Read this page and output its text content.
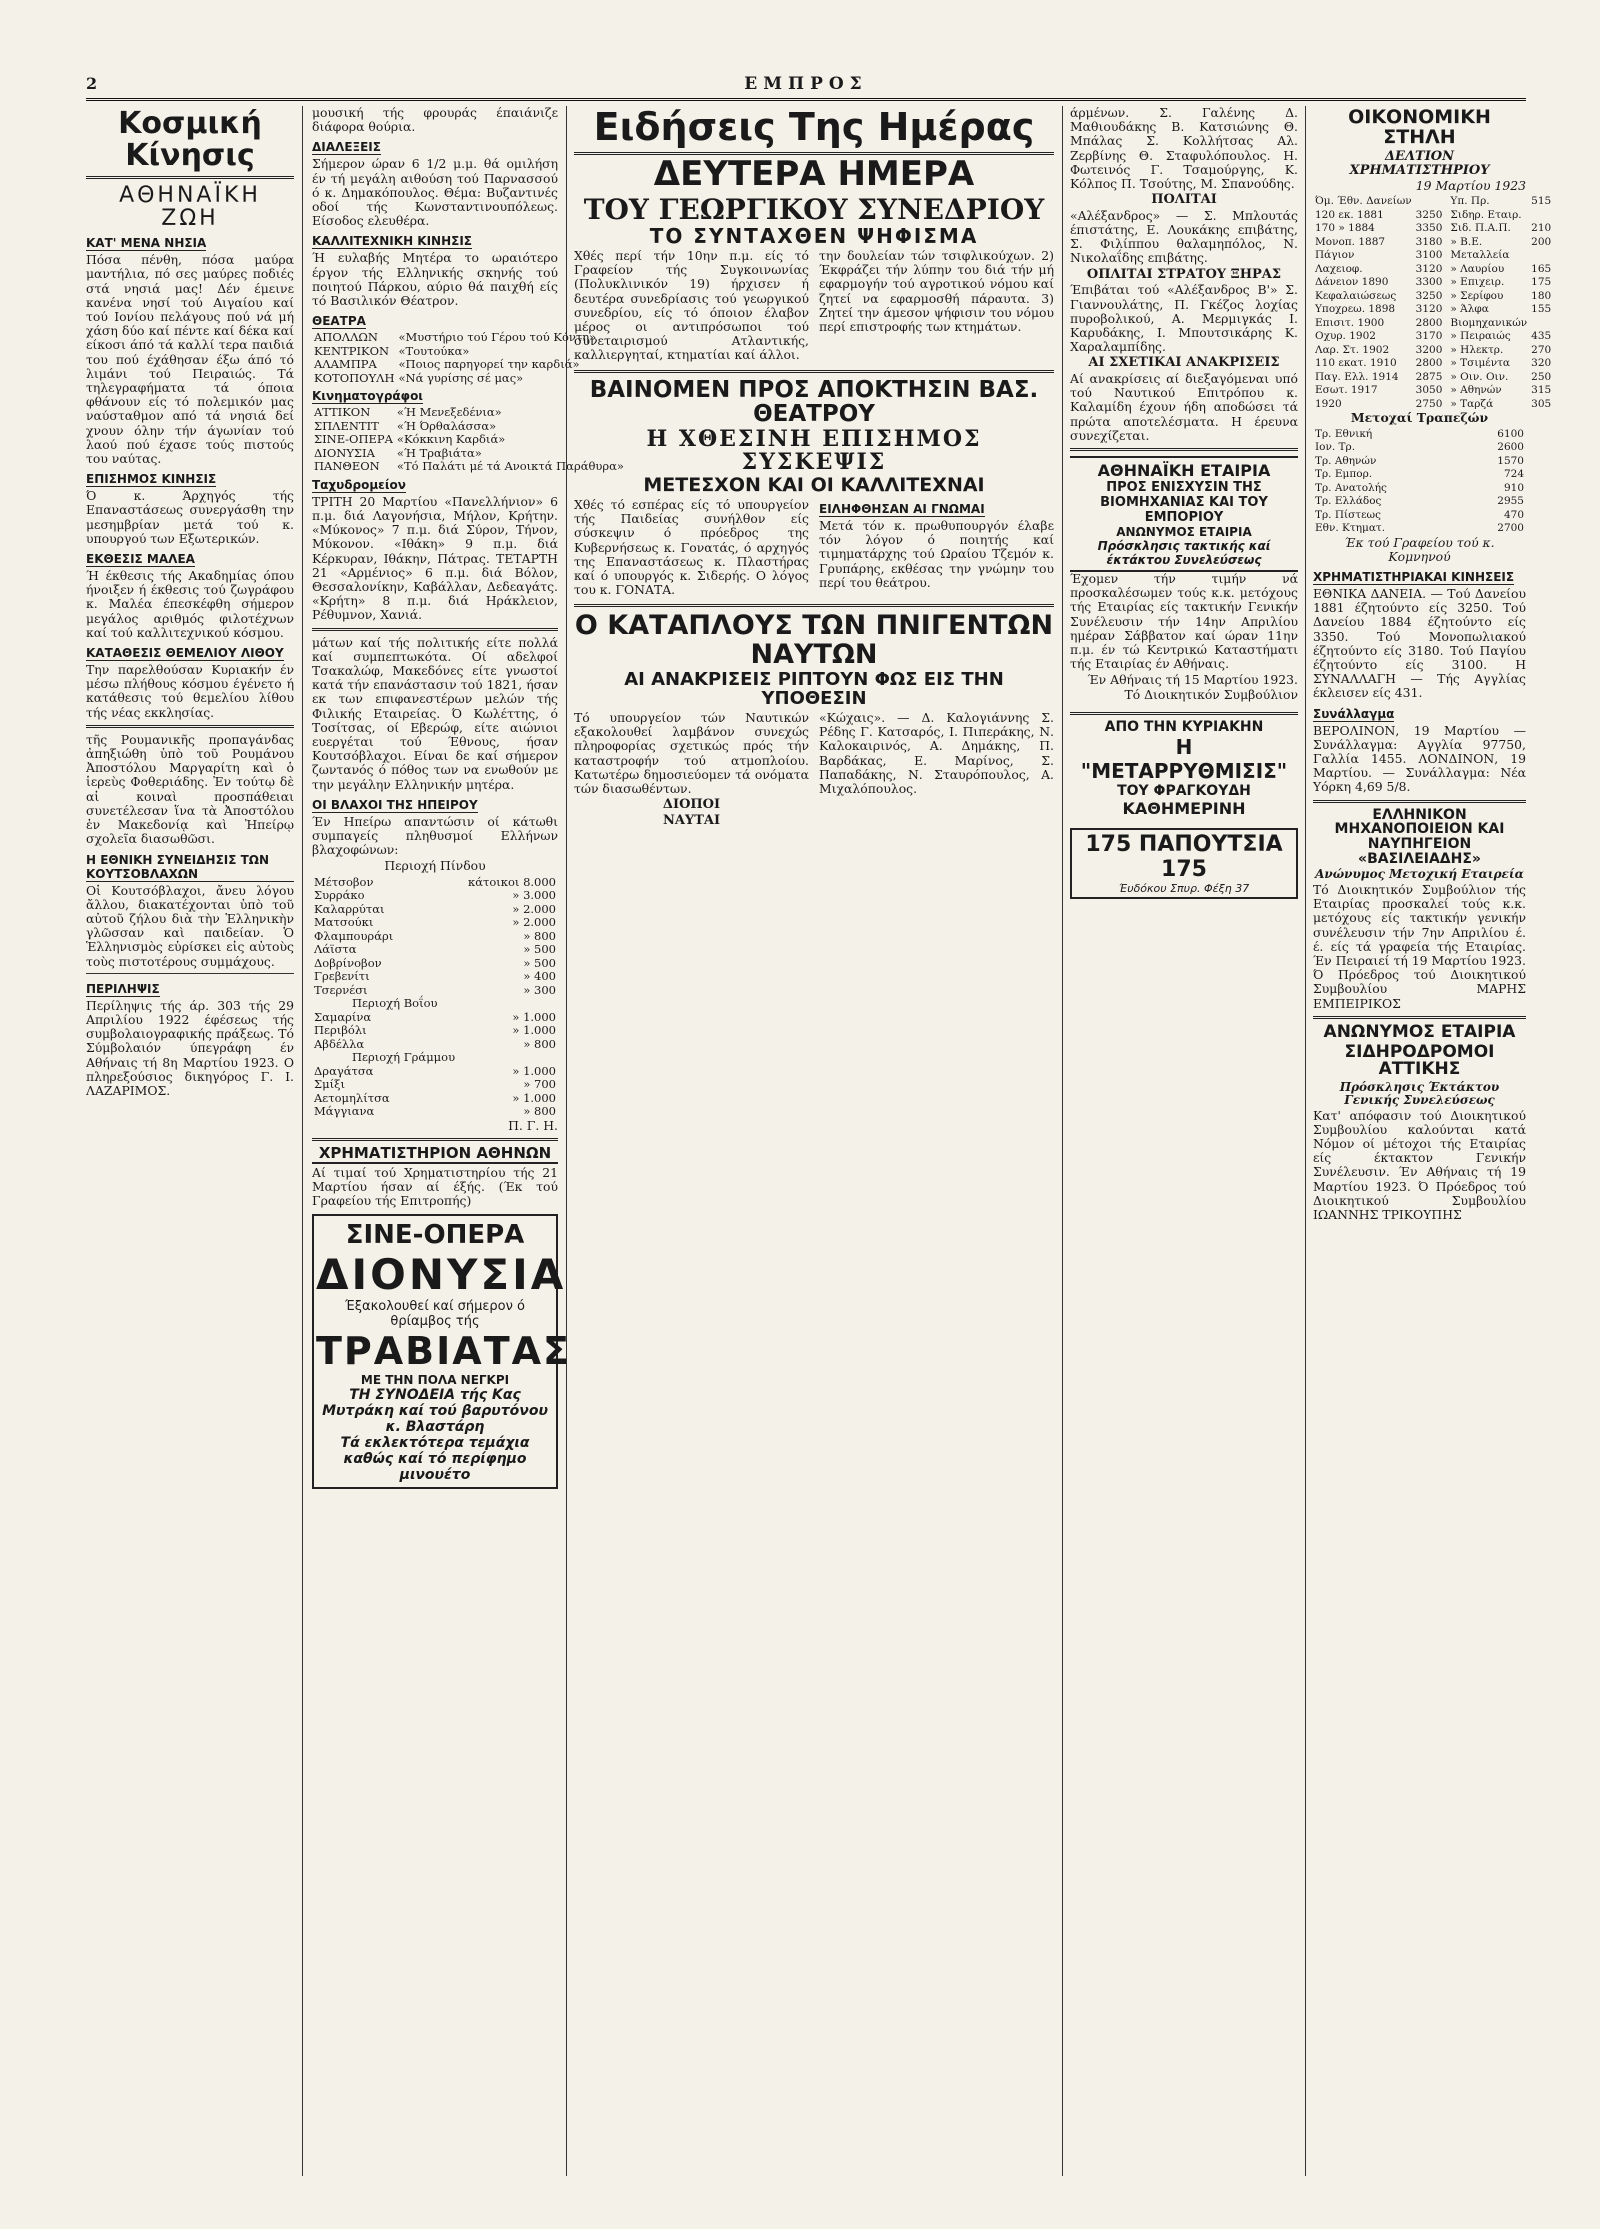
2	ΕΜΠΡΟΣ
Κοσμική Κίνησις
ΑΘΗΝΑΪΚΗ ΖΩΗ
ΚΑΤ' ΜΕΝΑ ΝΗΣΙΑ

Πόσα πένθη, πόσα μαύρα μαντήλια, πό σες μαύρες ποδιές στά νησιά μας! Δέν έμεινε κανένα νησί τού Αιγαίου καί τού Ιονίου πελάγους πού νά μή χάση δύο καί πέντε καί δέκα καί είκοσι άπό τά καλλί τερα παιδιά του πού έχάθησαν έξω άπό τό λιμάνι τού Πειραιώς. Τά τηλεγραφήματα τά όποια φθάνουν είς τό πολεμικόν μας ναύσταθμον από τά νησιά δεί χνουν όλην τήν άγωνίαν τού λαού πού έχασε τούς πιστούς του ναύτας.

ΕΠΙΣΗΜΟΣ ΚΙΝΗΣΙΣ

Ό κ. Άρχηγός τής Επαναστάσεως συνεργάσθη την μεσημβρίαν μετά τού κ. υπουργού των Εξωτερικών.

ΕΚΘΕΣΙΣ ΜΑΛΕΑ

Ή έκθεσις τής Ακαδημίας όπου ήνοιξεν ή έκθεσις τού ζωγράφου κ. Μαλέα έπεσκέφθη σήμερον μεγάλος αριθμός φιλοτέχνων καί τού καλλιτεχνικού κόσμου.

ΚΑΤΑΘΕΣΙΣ ΘΕΜΕΛΙΟΥ ΛΙΘΟΥ

Την παρελθούσαν Κυριακήν έν μέσω πλήθους κόσμου έγένετο ή κατάθεσις τού θεμελίου λίθου τής νέας εκκλησίας.

τῆς Ρουμανικῆς προπαγάνδας ἀπηξιώθη ὑπὸ τοῦ Ρουμάνου Ἀποστόλου Μαργαρίτη καὶ ὁ ἱερεὺς Φοθεριάδης. Ἐν τούτῳ δὲ αἱ κοιναὶ προσπάθειαι συνετέλεσαν ἵνα τὰ Ἀποστόλου ἐν Μακεδονίᾳ καὶ Ἠπείρῳ σχολεῖα διασωθῶσι.

Η ΕΘΝΙΚΗ ΣΥΝΕΙΔΗΣΙΣ ΤΩΝ ΚΟΥΤΣΟΒΛΑΧΩΝ

Οἱ Κουτσόβλαχοι, ἄνευ λόγου ἄλλου, διακατέχονται ὑπὸ τοῦ αὐτοῦ ζήλου διὰ τὴν Ἑλληνικὴν γλῶσσαν καὶ παιδείαν. Ὁ Ἑλληνισμὸς εὑρίσκει εἰς αὐτοὺς τοὺς πιστοτέρους συμμάχους.

ΠΕΡΙΛΗΨΙΣ

Περίληψις τής άρ. 303 τής 29 Απριλίου 1922 έφέσεως τής συμβολαιογραφικής πράξεως. Τό Σύμβολαιόν ύπεγράφη έν Αθήναις τή 8η Μαρτίου 1923. Ο πληρεξούσιος δικηγόρος Γ. Ι. ΛΑΖΑΡΙΜΟΣ.

μουσική τής φρουράς έπαιάνιζε διάφορα θούρια.

ΔΙΑΛΕΞΕΙΣ

Σήμερον ώραν 6 1/2 μ.μ. θά ομιλήση έν τή μεγάλη αιθούση τού Παρνασσού ό κ. Δημακόπουλος. Θέμα: Βυζαντινές οδοί τής Κωνσταντινουπόλεως. Είσοδος ελευθέρα.

ΚΑΛΛΙΤΕΧΝΙΚΗ ΚΙΝΗΣΙΣ

Ή ευλαβής Μητέρα το ωραιότερο έργον τής Ελληνικής σκηνής τού ποιητού Πάρκου, αύριο θά παιχθή είς τό Βασιλικόν Θέατρον.

ΘΕΑΤΡΑ
ΑΠΟΛΛΩΝ	«Μυστήριο τού Γέρου τού Κόντη»
ΚΕΝΤΡΙΚΟΝ	«Τουτούκα»
ΑΛΑΜΠΡΑ	«Ποιος παρηγορεί την καρδιά»
ΚΟΤΟΠΟΥΛΗ	«Νά γυρίσης σέ μας»
Κινηματογράφοι
ΑΤΤΙΚΟΝ	«Ή Μενεξεδένια»
ΣΠΛΕΝΤΙΤ	«Ή Όρθαλάσσα»
ΣΙΝΕ-ΟΠΕΡΑ	«Κόκκινη Καρδιά»
ΔΙΟΝΥΣΙΑ	«Ή Τραβιάτα»
ΠΑΝΘΕΟΝ	«Τό Παλάτι μέ τά Ανοικτά Παράθυρα»
Ταχυδρομείον

ΤΡΙΤΗ 20 Μαρτίου «Πανελλήνιον» 6 π.μ. διά Λαγονήσια, Μήλον, Κρήτην. «Μύκονος» 7 π.μ. διά Σύρον, Τήνον, Μύκονον. «Ιθάκη» 9 π.μ. διά Κέρκυραν, Ιθάκην, Πάτρας. ΤΕΤΑΡΤΗ 21 «Αρμένιος» 6 π.μ. διά Βόλον, Θεσσαλονίκην, Καβάλλαν, Δεδεαγάτς. «Κρήτη» 8 π.μ. διά Ηράκλειον, Ρέθυμνον, Χανιά.

μάτων καί τής πολιτικής είτε πολλά καί συμπεπτωκότα. Οί αδελφοί Τσακαλώφ, Μακεδόνες είτε γνωστοί κατά τήν επανάστασιν τού 1821, ήσαν εκ των επιφανεστέρων μελών τής Φιλικής Εταιρείας. Ό Κωλέττης, ό Τοσίτσας, οί Εβερώφ, είτε αιώνιοι ευεργέται τού Έθνους, ήσαν Κουτσόβλαχοι. Είναι δε καί σήμερον ζωντανός ό πόθος των να ενωθούν με την μεγάλην Ελληνικήν μητέρα.

ΟΙ ΒΛΑΧΟΙ ΤΗΣ ΗΠΕΙΡΟΥ

Έν Ηπείρω απαντώσιν οί κάτωθι συμπαγείς πληθυσμοί Ελλήνων βλαχοφώνων:

Περιοχή Πίνδου
Μέτσοβον	κάτοικοι 8.000
Συρράκο	» 3.000
Καλαρρύται	» 2.000
Ματσούκι	» 2.000
Φλαμπουράρι	» 800
Λάϊστα	» 500
Δοβρίνοβον	» 500
Γρεβενίτι	» 400
Τσερνέσι	» 300
Περιοχή Βοΐου	
Σαμαρίνα	» 1.000
Περιβόλι	» 1.000
Αβδέλλα	» 800
Περιοχή Γράμμου	
Δραγάτσα	» 1.000
Σμίξι	» 700
Αετομηλίτσα	» 1.000
Μάγγιανα	» 800
Π. Γ. Η.
ΧΡΗΜΑΤΙΣΤΗΡΙΟΝ ΑΘΗΝΩΝ

Αί τιμαί τού Χρηματιστηρίου τής 21 Μαρτίου ήσαν αί έξής. (Έκ τού Γραφείου τής Επιτροπής)

ΣΙΝΕ-ΟΠΕΡΑ
ΔΙΟΝΥΣΙΑ
Έξακολουθεί καί σήμερον ό θρίαμβος τής
ΤΡΑΒΙΑΤΑΣ
ΜΕ ΤΗΝ ΠΟΛΑ ΝΕΓΚΡΙ
ΤΗ ΣΥΝΟΔΕΙΑ τής Κας Μυτράκη καί τού βαρυτόνου κ. Βλαστάρη
Τά εκλεκτότερα τεμάχια καθώς καί τό περίφημο μινουέτο
Ειδήσεις Της Ημέρας
ΔΕΥΤΕΡΑ ΗΜΕΡΑ
ΤΟΥ ΓΕΩΡΓΙΚΟΥ ΣΥΝΕΔΡΙΟΥ
ΤΟ ΣΥΝΤΑΧΘΕΝ ΨΗΦΙΣΜΑ

Χθές περί τήν 10ην π.μ. είς τό Γραφείον τής Συγκοινωνίας (Πολυκλινικόν 19) ήρχισεν ή δευτέρα συνεδρίασις τού γεωργικού συνεδρίου, είς τό όποιον έλαβον μέρος οι αντιπρόσωποι τού συνεταιρισμού Ατλαντικής, καλλιεργηταί, κτηματίαι καί άλλοι.

την δουλείαν τών τσιφλικούχων. 2) Έκφράζει τήν λύπην του διά τήν μή εφαρμογήν τού αγροτικού νόμου καί ζητεί να εφαρμοσθή πάραυτα. 3) Ζητεί την άμεσον ψήφισιν του νόμου περί επιστροφής των κτημάτων.

ΒΑΙΝΟΜΕΝ ΠΡΟΣ ΑΠΟΚΤΗΣΙΝ ΒΑΣ. ΘΕΑΤΡΟΥ
Η ΧΘΕΣΙΝΗ ΕΠΙΣΗΜΟΣ ΣΥΣΚΕΨΙΣ
ΜΕΤΕΣΧΟΝ ΚΑΙ ΟΙ ΚΑΛΛΙΤΕΧΝΑΙ

Χθές τό εσπέρας είς τό υπουργείον τής Παιδείας συνήλθον είς σύσκεψιν ό πρόεδρος της Κυβερνήσεως κ. Γονατάς, ό αρχηγός της Επαναστάσεως κ. Πλαστήρας καί ό υπουργός κ. Σιδερής. Ο λόγος του κ. ΓΟΝΑΤΑ.

ΕΙΛΗΦΘΗΣΑΝ ΑΙ ΓΝΩΜΑΙ

Μετά τόν κ. πρωθυπουργόν έλαβε τόν λόγον ό ποιητής καί τιμηματάρχης τού Ωραίου Τζεμόν κ. Γρυπάρης, εκθέσας την γνώμην του περί του θεάτρου.

Ο ΚΑΤΑΠΛΟΥΣ ΤΩΝ ΠΝΙΓΕΝΤΩΝ ΝΑΥΤΩΝ
ΑΙ ΑΝΑΚΡΙΣΕΙΣ ΡΙΠΤΟΥΝ ΦΩΣ ΕΙΣ ΤΗΝ ΥΠΟΘΕΣΙΝ

Τό υπουργείον τών Ναυτικών εξακολουθεί λαμβάνον συνεχώς πληροφορίας σχετικώς πρός τήν καταστροφήν τού ατμοπλοίου. Κατωτέρω δημοσιεύομεν τά ονόματα τών διασωθέντων.

ΔΙΟΠΟΙ
ΝΑΥΤΑΙ

«Κώχαις». — Δ. Καλογιάννης Σ. Ρέδης Γ. Κατσαρός, Ι. Πιπεράκης, Ν. Καλοκαιρινός, Α. Δημάκης, Π. Βαρδάκας, Ε. Μαρίνος, Σ. Παπαδάκης, Ν. Σταυρόπουλος, Α. Μιχαλόπουλος.

άρμένων. Σ. Γαλένης Δ. Μαθιουδάκης Β. Κατσιώνης Θ. Μπάλας Σ. Κολλήτσας Αλ. Ζερβίνης Θ. Σταφυλόπουλος. Η. Φωτεινός Γ. Τσαμούργης, Κ. Κόλπος Π. Τσούτης, Μ. Σπανούδης.

ΠΟΛΙΤΑΙ

«Αλέξανδρος» — Σ. Μπλουτάς έπιστάτης, Ε. Λουκάκης επιβάτης, Σ. Φιλίππου θαλαμηπόλος, Ν. Νικολαΐδης επιβάτης.

ΟΠΛΙΤΑΙ ΣΤΡΑΤΟΥ ΞΗΡΑΣ

Έπιβάται τού «Αλέξανδρος Β'» Σ. Γιαννουλάτης, Π. Γκέζος λοχίας πυροβολικού, Α. Μερμιγκάς Ι. Καρυδάκης, Ι. Μπουτσικάρης Κ. Χαραλαμπίδης.

ΑΙ ΣΧΕΤΙΚΑΙ ΑΝΑΚΡΙΣΕΙΣ

Αί ανακρίσεις αί διεξαγόμεναι υπό τού Ναυτικού Επιτρόπου κ. Καλαμίδη έχουν ήδη αποδώσει τά πρώτα αποτελέσματα. Η έρευνα συνεχίζεται.

ΑΘΗΝΑΪΚΗ ΕΤΑΙΡΙΑ
ΠΡΟΣ ΕΝΙΣΧΥΣΙΝ ΤΗΣ ΒΙΟΜΗΧΑΝΙΑΣ ΚΑΙ ΤΟΥ ΕΜΠΟΡΙΟΥ
ΑΝΩΝΥΜΟΣ ΕΤΑΙΡΙΑ
Πρόσκλησις τακτικής καί έκτάκτου Συνελεύσεως

Έχομεν τήν τιμήν νά προσκαλέσωμεν τούς κ.κ. μετόχους τής Εταιρίας είς τακτικήν Γενικήν Συνέλευσιν τήν 14ην Απριλίου ημέραν Σάββατον καί ώραν 11ην π.μ. έν τώ Κεντρικώ Καταστήματι τής Εταιρίας έν Αθήναις.

Έν Αθήναις τή 15 Μαρτίου 1923. Τό Διοικητικόν Συμβούλιον

ΑΠΟ ΤΗΝ ΚΥΡΙΑΚΗΝ
Η "ΜΕΤΑΡΡΥΘΜΙΣΙΣ"
ΤΟΥ ΦΡΑΓΚΟΥΔΗ
ΚΑΘΗΜΕΡΙΝΗ
175 ΠΑΠΟΥΤΣΙΑ 175
Έυδόκου Σπυρ. Φέξη 37
ΟΙΚΟΝΟΜΙΚΗ ΣΤΗΛΗ
ΔΕΛΤΙΟΝ ΧΡΗΜΑΤΙΣΤΗΡΙΟΥ
19 Μαρτίου 1923
Όμ. Έθν. Δανείων	
120 εκ. 1881	3250
170 » 1884	3350
Μονοπ. 1887	3180
Πάγιον	3100
Λαχειοφ.	3120
Δάνειον 1890	3300
Κεφαλαιώσεως	3250
Υποχρεω. 1898	3120
Επισιτ. 1900	2800
Οχυρ. 1902	3170
Λαρ. Στ. 1902	3200
110 εκατ. 1910	2800
Παγ. Ελλ. 1914	2875
Εσωτ. 1917	3050
1920	2750
Υπ. Πρ.	515
Σιδηρ. Εταιρ.	
Σιδ. Π.Α.Π.	210
» Β.Ε.	200
Μεταλλεία	
» Λαυρίου	165
» Επιχειρ.	175
» Σερίφου	180
» Άλφα	155
Βιομηχανικών	
» Πειραιώς	435
» Ηλεκτρ.	270
» Τσιμέντα	320
» Οιν. Οιν.	250
» Αθηνών	315
» Ταρζά	305
Μετοχαί Τραπεζών
Τρ. Εθνική	6100
Ιον. Τρ.	2600
Τρ. Αθηνών	1570
Τρ. Εμπορ.	724
Τρ. Ανατολής	910
Τρ. Ελλάδος	2955
Τρ. Πίστεως	470
Εθν. Κτηματ.	2700
Έκ τού Γραφείου τού κ. Κομνηνού
ΧΡΗΜΑΤΙΣΤΗΡΙΑΚΑΙ ΚΙΝΗΣΕΙΣ

ΕΘΝΙΚΑ ΔΑΝΕΙΑ. — Τού Δανείου 1881 έζητούντο είς 3250. Τού Δανείου 1884 έζητούντο είς 3350. Τού Μονοπωλιακού έζητούντο είς 3180. Τού Παγίου έζητούντο είς 3100. Η ΣΥΝΑΛΛΑΓΗ — Τής Αγγλίας έκλεισεν είς 431.

Συνάλλαγμα

ΒΕΡΟΛΙΝΟΝ, 19 Μαρτίου — Συνάλλαγμα: Αγγλία 97750, Γαλλία 1455. ΛΟΝΔΙΝΟΝ, 19 Μαρτίου. — Συνάλλαγμα: Νέα Υόρκη 4,69 5/8.

ΕΛΛΗΝΙΚΟΝ ΜΗΧΑΝΟΠΟΙΕΙΟΝ ΚΑΙ ΝΑΥΠΗΓΕΙΟΝ «ΒΑΣΙΛΕΙΑΔΗΣ»
Ανώνυμος Μετοχική Εταιρεία

Τό Διοικητικόν Συμβούλιον τής Εταιρίας προσκαλεί τούς κ.κ. μετόχους είς τακτικήν γενικήν συνέλευσιν τήν 7ην Απριλίου έ. έ. είς τά γραφεία τής Εταιρίας. Έν Πειραιεί τή 19 Μαρτίου 1923. Ό Πρόεδρος τού Διοικητικού Συμβουλίου ΜΑΡΗΣ ΕΜΠΕΙΡΙΚΟΣ

ΑΝΩΝΥΜΟΣ ΕΤΑΙΡΙΑ
ΣΙΔΗΡΟΔΡΟΜΟΙ ΑΤΤΙΚΗΣ
Πρόσκλησις Έκτάκτου Γενικής Συνελεύσεως

Κατ' απόφασιν τού Διοικητικού Συμβουλίου καλούνται κατά Νόμον οί μέτοχοι τής Εταιρίας είς έκτακτον Γενικήν Συνέλευσιν. Έν Αθήναις τή 19 Μαρτίου 1923. Ό Πρόεδρος τού Διοικητικού Συμβουλίου ΙΩΑΝΝΗΣ ΤΡΙΚΟΥΠΗΣ
